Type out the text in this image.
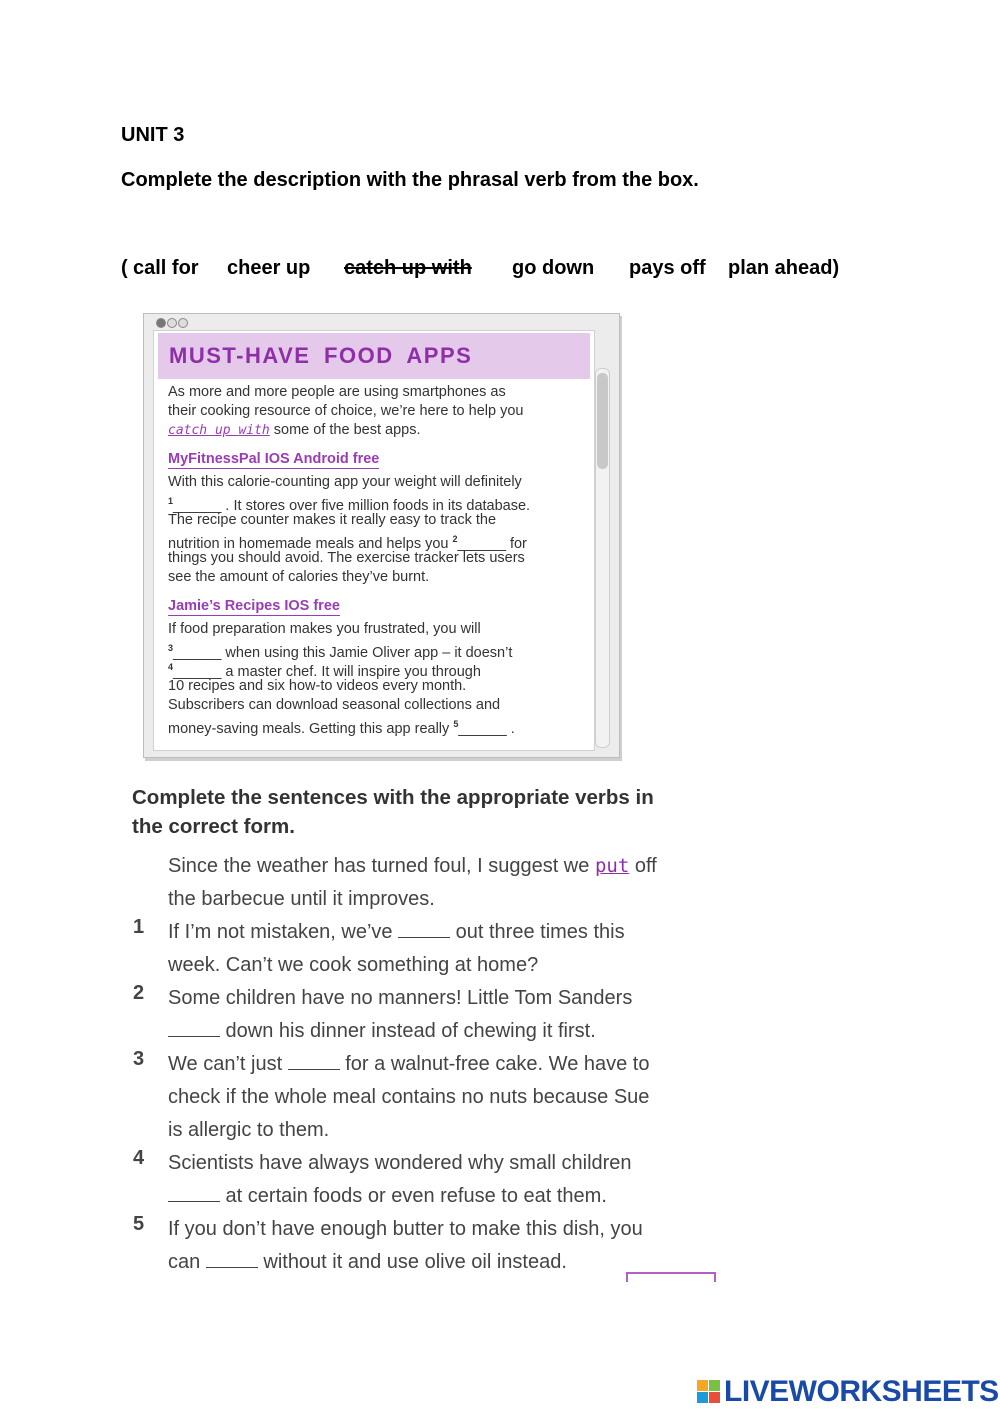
UNIT 3
Complete the description with the phrasal verb from the box.
( call for cheer up catch up with go down pays off plan ahead)
MUST-HAVE FOOD APPS
As more and more people are using smartphones as
their cooking resource of choice, we’re here to help you
catch up with some of the best apps.
MyFitnessPal IOS Android free
With this calorie-counting app your weight will definitely
$^1$______ . It stores over five million foods in its database.
The recipe counter makes it really easy to track the
nutrition in homemade meals and helps you $^2$______ for
things you should avoid. The exercise tracker lets users
see the amount of calories they’ve burnt.
Jamie’s Recipes IOS free
If food preparation makes you frustrated, you will
$^3$______ when using this Jamie Oliver app – it doesn’t
$^4$______ a master chef. It will inspire you through
10 recipes and six how-to videos every month.
Subscribers can download seasonal collections and
money-saving meals. Getting this app really $^5$______ .
Complete the sentences with the appropriate verbs in
the correct form.
Since the weather has turned foul, I suggest we put off
the barbecue until it improves.
1 If I’m not mistaken, we’ve	out three times this
week. Can’t we cook something at home?
2 Some children have no manners! Little Tom Sanders
down his dinner instead of chewing it first.
3 We can’t just	for a walnut-free cake. We have to
check if the whole meal contains no nuts because Sue
is allergic to them.
4 Scientists have always wondered why small children
at certain foods or even refuse to eat them.
5 If you don’t have enough butter to make this dish, you
can	without it and use olive oil instead.
LIVEWORKSHEETS
